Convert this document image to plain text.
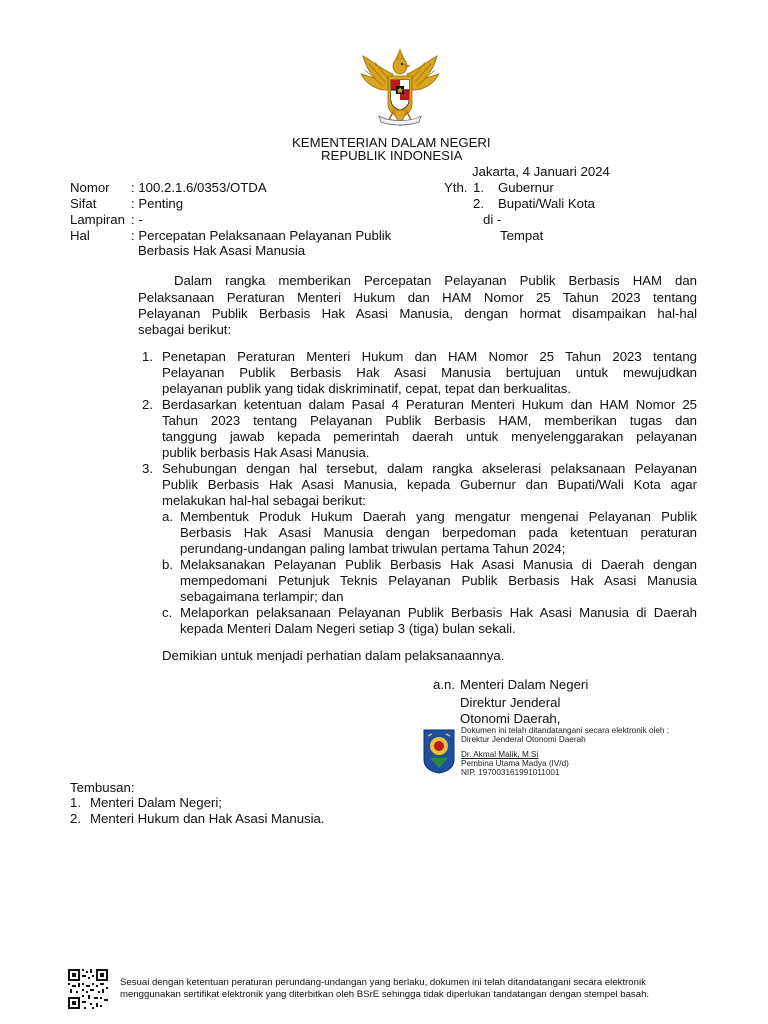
KEMENTERIAN DALAM NEGERI
REPUBLIK INDONESIA
Jakarta, 4 Januari 2024
Nomor : 100.2.1.6/0353/OTDA
Sifat	: Penting
Lampiran : -
Hal	: Percepatan Pelaksanaan Pelayanan Publik
Berbasis Hak Asasi Manusia
Yth. 1. Gubernur
2. Bupati/Wali Kota
di -
Tempat
Dalam rangka memberikan Percepatan Pelayanan Publik Berbasis HAM dan
Pelaksanaan Peraturan Menteri Hukum dan HAM Nomor 25 Tahun 2023 tentang
Pelayanan Publik Berbasis Hak Asasi Manusia, dengan hormat disampaikan hal-hal
sebagai berikut:
1. Penetapan Peraturan Menteri Hukum dan HAM Nomor 25 Tahun 2023 tentang
Pelayanan Publik Berbasis Hak Asasi Manusia bertujuan untuk mewujudkan
pelayanan publik yang tidak diskriminatif, cepat, tepat dan berkualitas.
2. Berdasarkan ketentuan dalam Pasal 4 Peraturan Menteri Hukum dan HAM Nomor 25
Tahun 2023 tentang Pelayanan Publik Berbasis HAM, memberikan tugas dan
tanggung jawab kepada pemerintah daerah untuk menyelenggarakan pelayanan
publik berbasis Hak Asasi Manusia.
3. Sehubungan dengan hal tersebut, dalam rangka akselerasi pelaksanaan Pelayanan
Publik Berbasis Hak Asasi Manusia, kepada Gubernur dan Bupati/Wali Kota agar
melakukan hal-hal sebagai berikut:
a. Membentuk Produk Hukum Daerah yang mengatur mengenai Pelayanan Publik
Berbasis Hak Asasi Manusia dengan berpedoman pada ketentuan peraturan
perundang-undangan paling lambat triwulan pertama Tahun 2024;
b. Melaksanakan Pelayanan Publik Berbasis Hak Asasi Manusia di Daerah dengan
mempedomani Petunjuk Teknis Pelayanan Publik Berbasis Hak Asasi Manusia
sebagaimana terlampir; dan
c. Melaporkan pelaksanaan Pelayanan Publik Berbasis Hak Asasi Manusia di Daerah
kepada Menteri Dalam Negeri setiap 3 (tiga) bulan sekali.
Demikian untuk menjadi perhatian dalam pelaksanaannya.
a.n. Menteri Dalam Negeri
Direktur Jenderal
Otonomi Daerah,
Dokumen ini telah ditandatangani secara elektronik oleh :
Direktur Jenderal Otonomi Daerah
Dr. Akmal Malik, M.Si
Pembina Utama Madya (IV/d)
NIP. 197003161991011001
Tembusan:
1. Menteri Dalam Negeri;
2. Menteri Hukum dan Hak Asasi Manusia.
Sesuai dengan ketentuan peraturan perundang-undangan yang berlaku, dokumen ini telah ditandatangani secara elektronik
menggunakan sertifikat elektronik yang diterbitkan oleh BSrE sehingga tidak diperlukan tandatangan dengan stempel basah.
